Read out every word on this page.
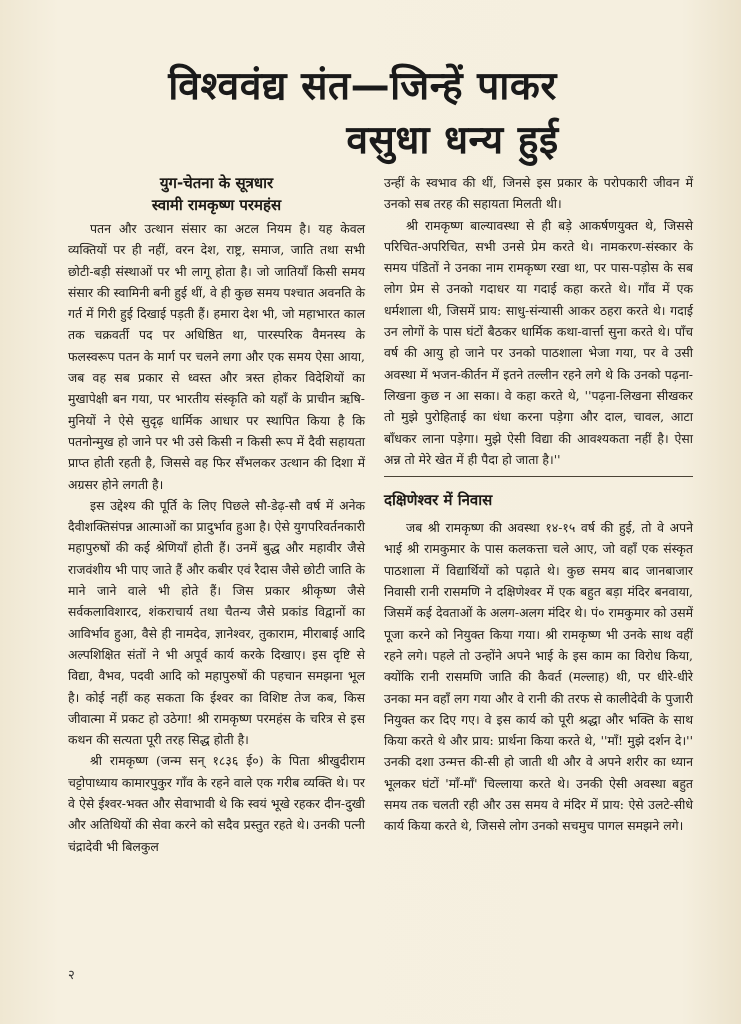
विश्ववंद्य संत—जिन्हें पाकर
वसुधा धन्य हुई
युग-चेतना के सूत्रधार
स्वामी रामकृष्ण परमहंस

पतन और उत्थान संसार का अटल नियम है। यह केवल व्यक्तियों पर ही नहीं, वरन देश, राष्ट्र, समाज, जाति तथा सभी छोटी-बड़ी संस्थाओं पर भी लागू होता है। जो जातियाँ किसी समय संसार की स्वामिनी बनी हुई थीं, वे ही कुछ समय पश्चात अवनति के गर्त में गिरी हुई दिखाई पड़ती हैं। हमारा देश भी, जो महाभारत काल तक चक्रवर्ती पद पर अधिष्ठित था, पारस्परिक वैमनस्य के फलस्वरूप पतन के मार्ग पर चलने लगा और एक समय ऐसा आया, जब वह सब प्रकार से ध्वस्त और त्रस्त होकर विदेशियों का मुखापेक्षी बन गया, पर भारतीय संस्कृति को यहाँ के प्राचीन ऋषि-मुनियों ने ऐसे सुदृढ़ धार्मिक आधार पर स्थापित किया है कि पतनोन्मुख हो जाने पर भी उसे किसी न किसी रूप में दैवी सहायता प्राप्त होती रहती है, जिससे वह फिर सँभलकर उत्थान की दिशा में अग्रसर होने लगती है।

इस उद्देश्य की पूर्ति के लिए पिछले सौ-डेढ़-सौ वर्ष में अनेक दैवीशक्तिसंपन्न आत्माओं का प्रादुर्भाव हुआ है। ऐसे युगपरिवर्तनकारी महापुरुषों की कई श्रेणियाँ होती हैं। उनमें बुद्ध और महावीर जैसे राजवंशीय भी पाए जाते हैं और कबीर एवं रैदास जैसे छोटी जाति के माने जाने वाले भी होते हैं। जिस प्रकार श्रीकृष्ण जैसे सर्वकलाविशारद, शंकराचार्य तथा चैतन्य जैसे प्रकांड विद्वानों का आविर्भाव हुआ, वैसे ही नामदेव, ज्ञानेश्वर, तुकाराम, मीराबाई आदि अल्पशिक्षित संतों ने भी अपूर्व कार्य करके दिखाए। इस दृष्टि से विद्या, वैभव, पदवी आदि को महापुरुषों की पहचान समझना भूल है। कोई नहीं कह सकता कि ईश्वर का विशिष्ट तेज कब, किस जीवात्मा में प्रकट हो उठेगा! श्री रामकृष्ण परमहंस के चरित्र से इस कथन की सत्यता पूरी तरह सिद्ध होती है।

श्री रामकृष्ण (जन्म सन् १८३६ ई०) के पिता श्रीखुदीराम चट्टोपाध्याय कामारपुकुर गाँव के रहने वाले एक गरीब व्यक्ति थे। पर वे ऐसे ईश्वर-भक्त और सेवाभावी थे कि स्वयं भूखे रहकर दीन-दुखी और अतिथियों की सेवा करने को सदैव प्रस्तुत रहते थे। उनकी पत्नी चंद्रादेवी भी बिलकुल

उन्हीं के स्वभाव की थीं, जिनसे इस प्रकार के परोपकारी जीवन में उनको सब तरह की सहायता मिलती थी।

श्री रामकृष्ण बाल्यावस्था से ही बड़े आकर्षणयुक्त थे, जिससे परिचित-अपरिचित, सभी उनसे प्रेम करते थे। नामकरण-संस्कार के समय पंडितों ने उनका नाम रामकृष्ण रखा था, पर पास-पड़ोस के सब लोग प्रेम से उनको गदाधर या गदाई कहा करते थे। गाँव में एक धर्मशाला थी, जिसमें प्राय: साधु-संन्यासी आकर ठहरा करते थे। गदाई उन लोगों के पास घंटों बैठकर धार्मिक कथा-वार्त्ता सुना करते थे। पाँच वर्ष की आयु हो जाने पर उनको पाठशाला भेजा गया, पर वे उसी अवस्था में भजन-कीर्तन में इतने तल्लीन रहने लगे थे कि उनको पढ़ना-लिखना कुछ न आ सका। वे कहा करते थे, ''पढ़ना-लिखना सीखकर तो मुझे पुरोहिताई का धंधा करना पड़ेगा और दाल, चावल, आटा बाँधकर लाना पड़ेगा। मुझे ऐसी विद्या की आवश्यकता नहीं है। ऐसा अन्न तो मेरे खेत में ही पैदा हो जाता है।''

दक्षिणेश्वर में निवास

जब श्री रामकृष्ण की अवस्था १४-१५ वर्ष की हुई, तो वे अपने भाई श्री रामकुमार के पास कलकत्ता चले आए, जो वहाँ एक संस्कृत पाठशाला में विद्यार्थियों को पढ़ाते थे। कुछ समय बाद जानबाजार निवासी रानी रासमणि ने दक्षिणेश्वर में एक बहुत बड़ा मंदिर बनवाया, जिसमें कई देवताओं के अलग-अलग मंदिर थे। पं० रामकुमार को उसमें पूजा करने को नियुक्त किया गया। श्री रामकृष्ण भी उनके साथ वहीं रहने लगे। पहले तो उन्होंने अपने भाई के इस काम का विरोध किया, क्योंकि रानी रासमणि जाति की कैवर्त (मल्लाह) थी, पर धीरे-धीरे उनका मन वहाँ लग गया और वे रानी की तरफ से कालीदेवी के पुजारी नियुक्त कर दिए गए। वे इस कार्य को पूरी श्रद्धा और भक्ति के साथ किया करते थे और प्राय: प्रार्थना किया करते थे, ''माँ! मुझे दर्शन दे।'' उनकी दशा उन्मत्त की-सी हो जाती थी और वे अपने शरीर का ध्यान भूलकर घंटों 'माँ-माँ' चिल्लाया करते थे। उनकी ऐसी अवस्था बहुत समय तक चलती रही और उस समय वे मंदिर में प्राय: ऐसे उलटे-सीधे कार्य किया करते थे, जिससे लोग उनको सचमुच पागल समझने लगे।

२
